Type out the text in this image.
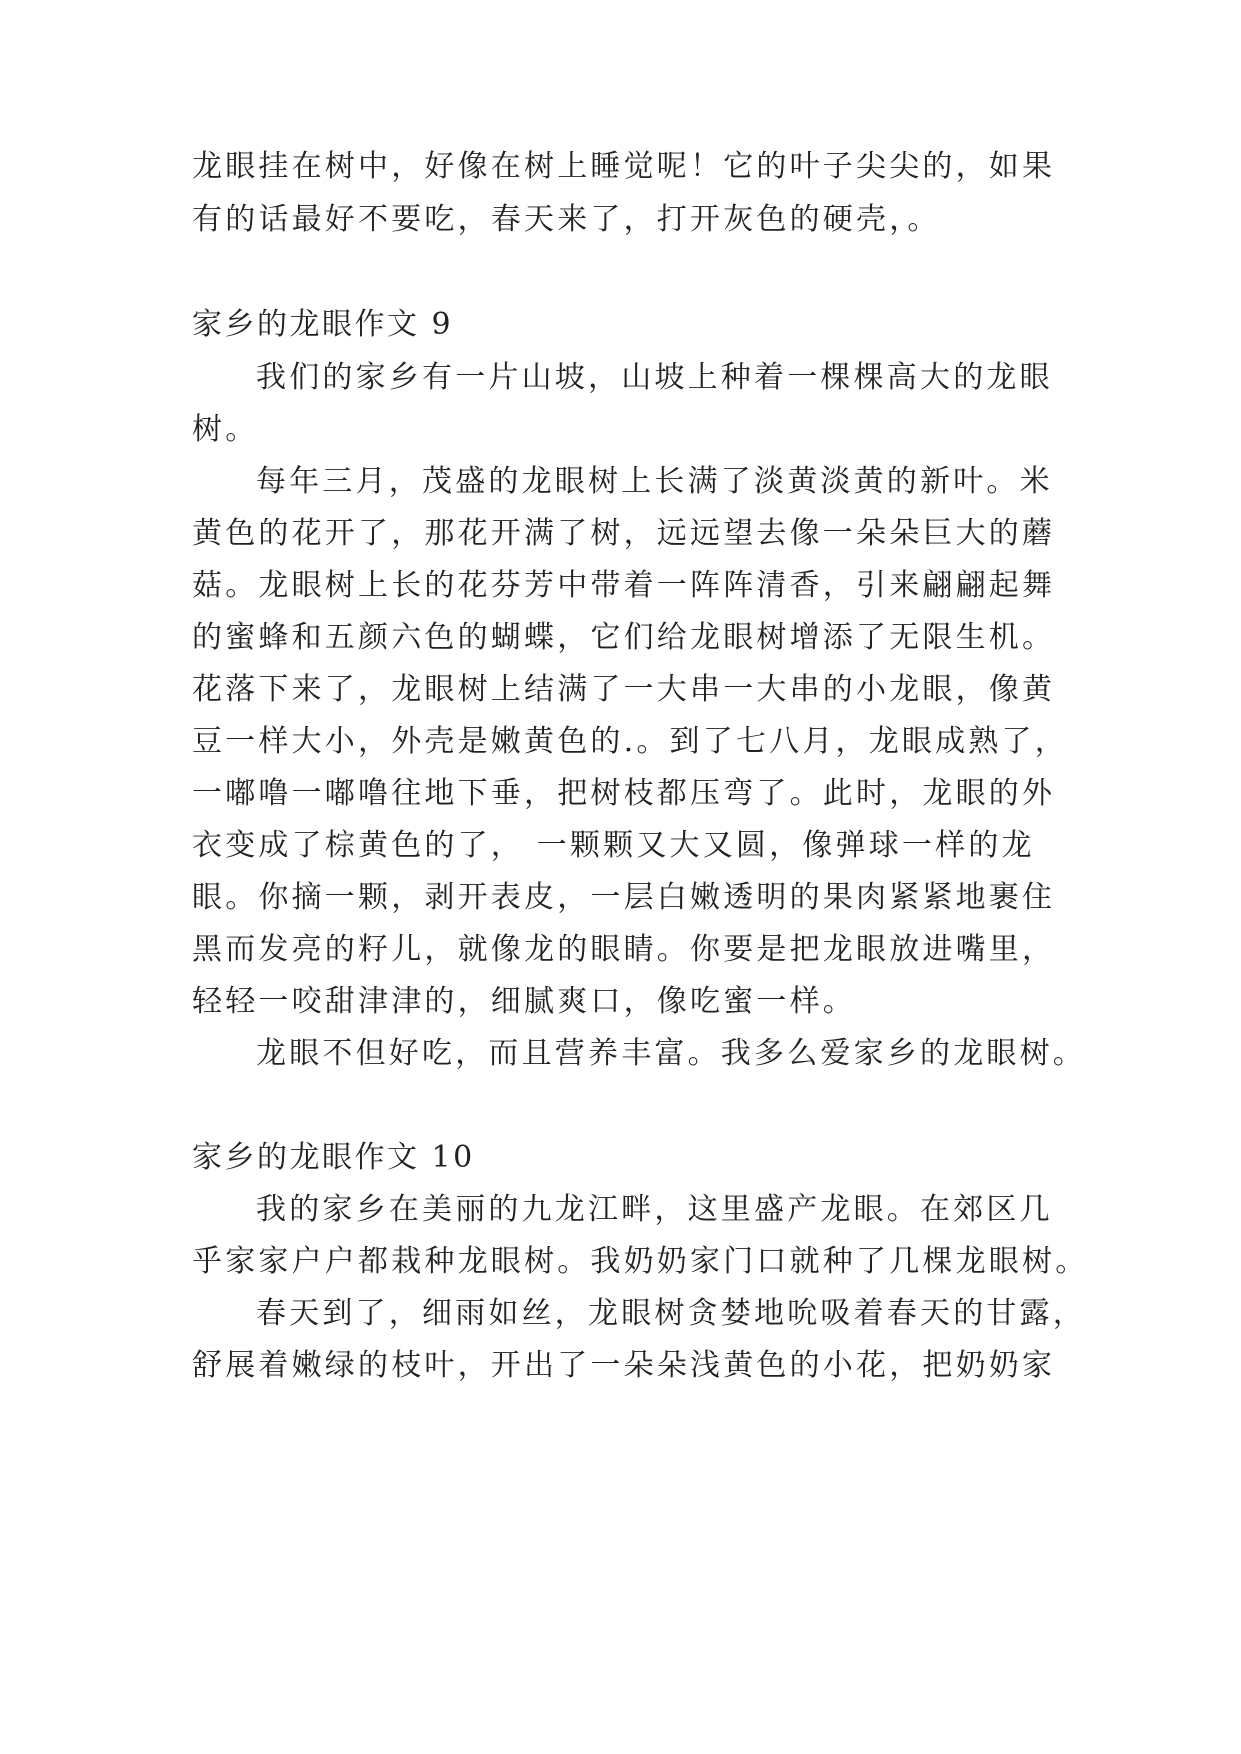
龙眼挂在树中，好像在树上睡觉呢！它的叶子尖尖的，如果
有的话最好不要吃，春天来了，打开灰色的硬壳，。
家乡的龙眼作文 9
我们的家乡有一片山坡，山坡上种着一棵棵高大的龙眼
树。
每年三月，茂盛的龙眼树上长满了淡黄淡黄的新叶。米
黄色的花开了，那花开满了树，远远望去像一朵朵巨大的蘑
菇。龙眼树上长的花芬芳中带着一阵阵清香，引来翩翩起舞
的蜜蜂和五颜六色的蝴蝶，它们给龙眼树增添了无限生机。
花落下来了，龙眼树上结满了一大串一大串的小龙眼，像黄
豆一样大小，外壳是嫩黄色的.。到了七八月，龙眼成熟了，
一嘟噜一嘟噜往地下垂，把树枝都压弯了。此时，龙眼的外
衣变成了棕黄色的了， 一颗颗又大又圆，像弹球一样的龙
眼。你摘一颗，剥开表皮，一层白嫩透明的果肉紧紧地裹住
黑而发亮的籽儿，就像龙的眼睛。你要是把龙眼放进嘴里，
轻轻一咬甜津津的，细腻爽口，像吃蜜一样。
龙眼不但好吃，而且营养丰富。我多么爱家乡的龙眼树。
家乡的龙眼作文 10
我的家乡在美丽的九龙江畔，这里盛产龙眼。在郊区几
乎家家户户都栽种龙眼树。我奶奶家门口就种了几棵龙眼树。
春天到了，细雨如丝，龙眼树贪婪地吮吸着春天的甘露，
舒展着嫩绿的枝叶，开出了一朵朵浅黄色的小花，把奶奶家
